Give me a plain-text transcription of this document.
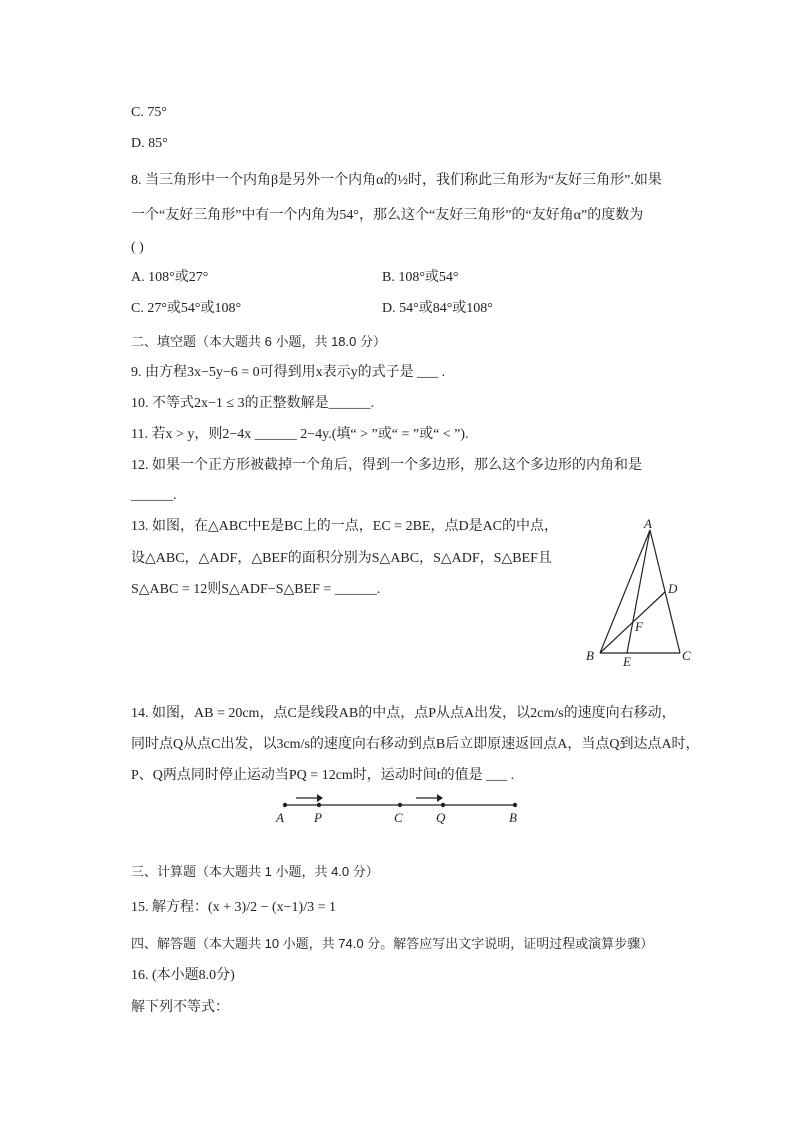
C. 75°
D. 85°
8. 当三角形中一个内角β是另外一个内角α的½时，我们称此三角形为“友好三角形”.如果
一个“友好三角形”中有一个内角为54°，那么这个“友好三角形”的“友好角α”的度数为
( )
A. 108°或27°	B. 108°或54°
C. 27°或54°或108°	D. 54°或84°或108°
二、填空题（本大题共 6 小题，共 18.0 分）
9. 由方程3x−5y−6 = 0可得到用x表示y的式子是 ___ .
10. 不等式2x−1 ≤ 3的正整数解是______.
11. 若x > y，则2−4x ______ 2−4y.(填“ > ”或“ = ”或“ < ”).
12. 如果一个正方形被截掉一个角后，得到一个多边形，那么这个多边形的内角和是
______.
13. 如图，在△ABC中E是BC上的一点，EC = 2BE，点D是AC的中点，
设△ABC，△ADF，△BEF的面积分别为S△ABC，S△ADF，S△BEF且
S△ABC = 12则S△ADF−S△BEF = ______.
A
B	C
D
E
F
14. 如图，AB = 20cm，点C是线段AB的中点，点P从点A出发，以2cm/s的速度向右移动，
同时点Q从点C出发，以3cm/s的速度向右移动到点B后立即原速返回点A，当点Q到达点A时，
P、Q两点同时停止运动当PQ = 12cm时，运动时间t的值是 ___ .
A P	C	Q	B
三、计算题（本大题共 1 小题，共 4.0 分）
15. 解方程：(x + 3)/2 − (x−1)/3 = 1
四、解答题（本大题共 10 小题，共 74.0 分。解答应写出文字说明，证明过程或演算步骤）
16. (本小题8.0分)
解下列不等式：
